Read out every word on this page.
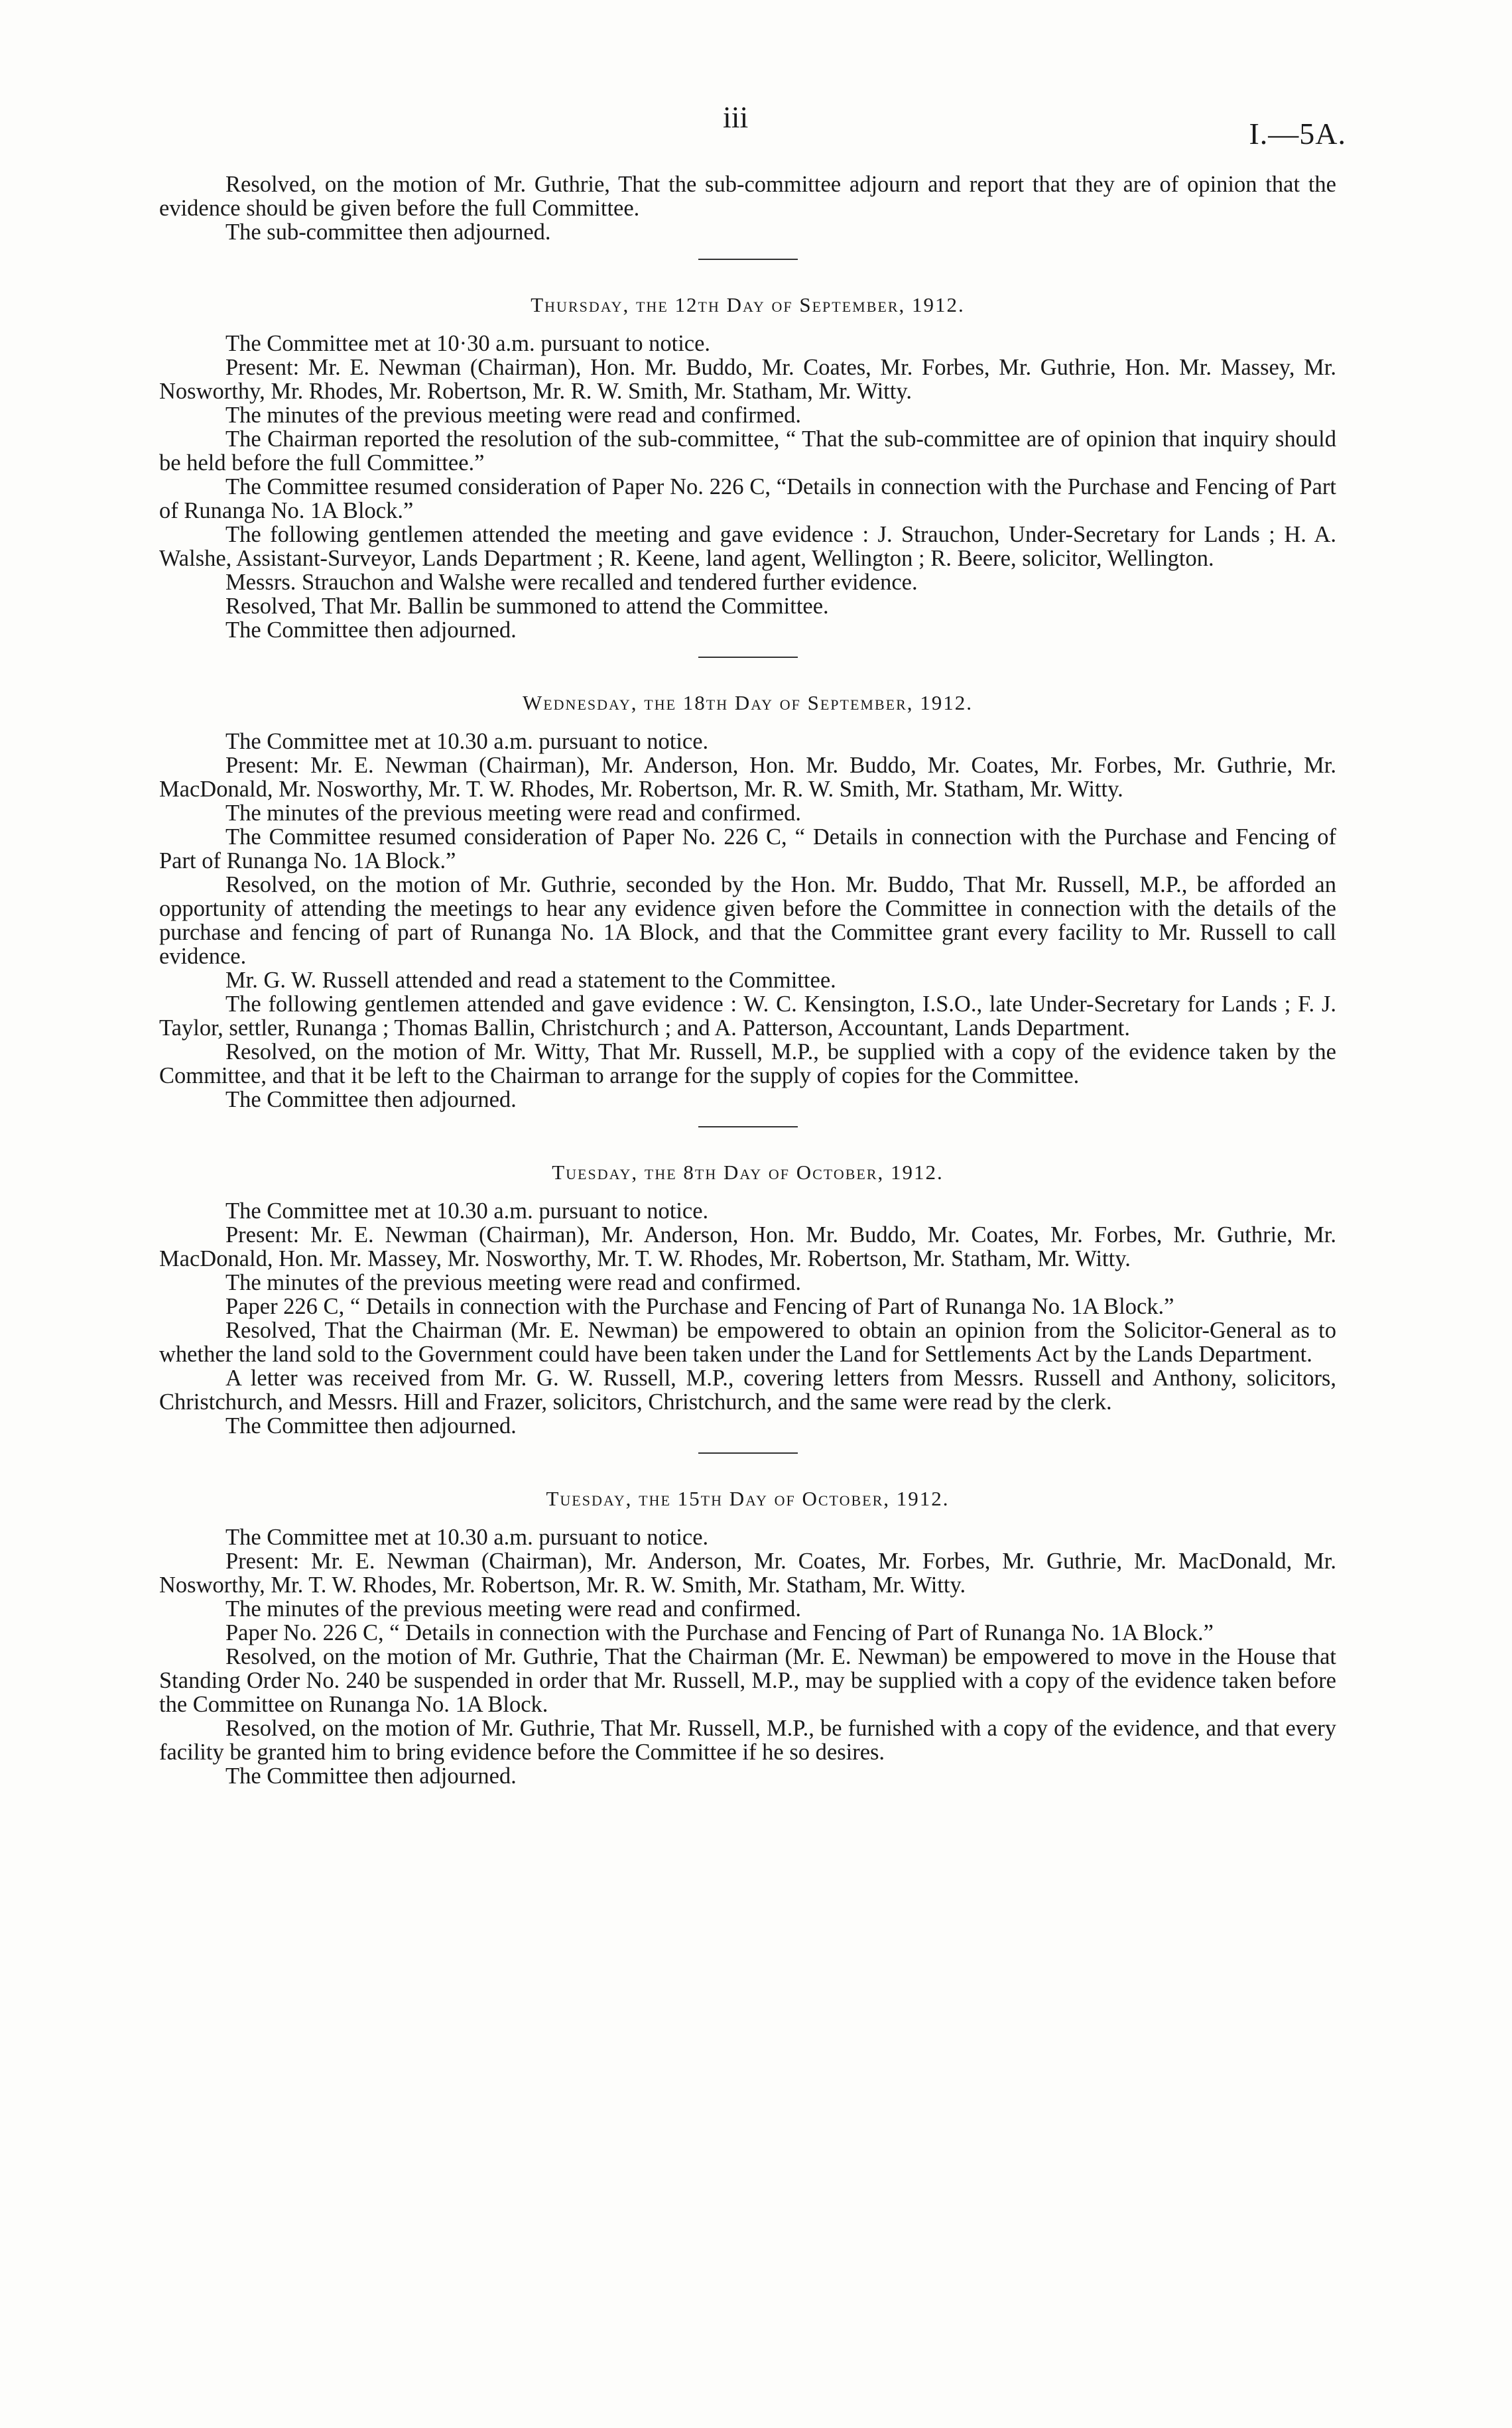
iii	I.—5A.

Resolved, on the motion of Mr. Guthrie, That the sub-committee adjourn and report that they are of opinion that the evidence should be given before the full Committee.

The sub-committee then adjourned.

Thursday, the 12th Day of September, 1912.

The Committee met at 10·30 a.m. pursuant to notice.

Present: Mr. E. Newman (Chairman), Hon. Mr. Buddo, Mr. Coates, Mr. Forbes, Mr. Guthrie, Hon. Mr. Massey, Mr. Nosworthy, Mr. Rhodes, Mr. Robertson, Mr. R. W. Smith, Mr. Statham, Mr. Witty.

The minutes of the previous meeting were read and confirmed.

The Chairman reported the resolution of the sub-committee, “ That the sub-committee are of opinion that inquiry should be held before the full Committee.”

The Committee resumed consideration of Paper No. 226 C, “Details in connection with the Purchase and Fencing of Part of Runanga No. 1A Block.”

The following gentlemen attended the meeting and gave evidence : J. Strauchon, Under-Secretary for Lands ; H. A. Walshe, Assistant-Surveyor, Lands Department ; R. Keene, land agent, Wellington ; R. Beere, solicitor, Wellington.

Messrs. Strauchon and Walshe were recalled and tendered further evidence.

Resolved, That Mr. Ballin be summoned to attend the Committee.

The Committee then adjourned.

Wednesday, the 18th Day of September, 1912.

The Committee met at 10.30 a.m. pursuant to notice.

Present: Mr. E. Newman (Chairman), Mr. Anderson, Hon. Mr. Buddo, Mr. Coates, Mr. Forbes, Mr. Guthrie, Mr. MacDonald, Mr. Nosworthy, Mr. T. W. Rhodes, Mr. Robertson, Mr. R. W. Smith, Mr. Statham, Mr. Witty.

The minutes of the previous meeting were read and confirmed.

The Committee resumed consideration of Paper No. 226 C, “ Details in connection with the Purchase and Fencing of Part of Runanga No. 1A Block.”

Resolved, on the motion of Mr. Guthrie, seconded by the Hon. Mr. Buddo, That Mr. Russell, M.P., be afforded an opportunity of attending the meetings to hear any evidence given before the Committee in connection with the details of the purchase and fencing of part of Runanga No. 1A Block, and that the Committee grant every facility to Mr. Russell to call evidence.

Mr. G. W. Russell attended and read a statement to the Committee.

The following gentlemen attended and gave evidence : W. C. Kensington, I.S.O., late Under-Secretary for Lands ; F. J. Taylor, settler, Runanga ; Thomas Ballin, Christchurch ; and A. Patterson, Accountant, Lands Department.

Resolved, on the motion of Mr. Witty, That Mr. Russell, M.P., be supplied with a copy of the evidence taken by the Committee, and that it be left to the Chairman to arrange for the supply of copies for the Committee.

The Committee then adjourned.

Tuesday, the 8th Day of October, 1912.

The Committee met at 10.30 a.m. pursuant to notice.

Present: Mr. E. Newman (Chairman), Mr. Anderson, Hon. Mr. Buddo, Mr. Coates, Mr. Forbes, Mr. Guthrie, Mr. MacDonald, Hon. Mr. Massey, Mr. Nosworthy, Mr. T. W. Rhodes, Mr. Robertson, Mr. Statham, Mr. Witty.

The minutes of the previous meeting were read and confirmed.

Paper 226 C, “ Details in connection with the Purchase and Fencing of Part of Runanga No. 1A Block.”

Resolved, That the Chairman (Mr. E. Newman) be empowered to obtain an opinion from the Solicitor-General as to whether the land sold to the Government could have been taken under the Land for Settlements Act by the Lands Department.

A letter was received from Mr. G. W. Russell, M.P., covering letters from Messrs. Russell and Anthony, solicitors, Christchurch, and Messrs. Hill and Frazer, solicitors, Christchurch, and the same were read by the clerk.

The Committee then adjourned.

Tuesday, the 15th Day of October, 1912.

The Committee met at 10.30 a.m. pursuant to notice.

Present: Mr. E. Newman (Chairman), Mr. Anderson, Mr. Coates, Mr. Forbes, Mr. Guthrie, Mr. MacDonald, Mr. Nosworthy, Mr. T. W. Rhodes, Mr. Robertson, Mr. R. W. Smith, Mr. Statham, Mr. Witty.

The minutes of the previous meeting were read and confirmed.

Paper No. 226 C, “ Details in connection with the Purchase and Fencing of Part of Runanga No. 1A Block.”

Resolved, on the motion of Mr. Guthrie, That the Chairman (Mr. E. Newman) be empowered to move in the House that Standing Order No. 240 be suspended in order that Mr. Russell, M.P., may be supplied with a copy of the evidence taken before the Committee on Runanga No. 1A Block.

Resolved, on the motion of Mr. Guthrie, That Mr. Russell, M.P., be furnished with a copy of the evidence, and that every facility be granted him to bring evidence before the Committee if he so desires.

The Committee then adjourned.
